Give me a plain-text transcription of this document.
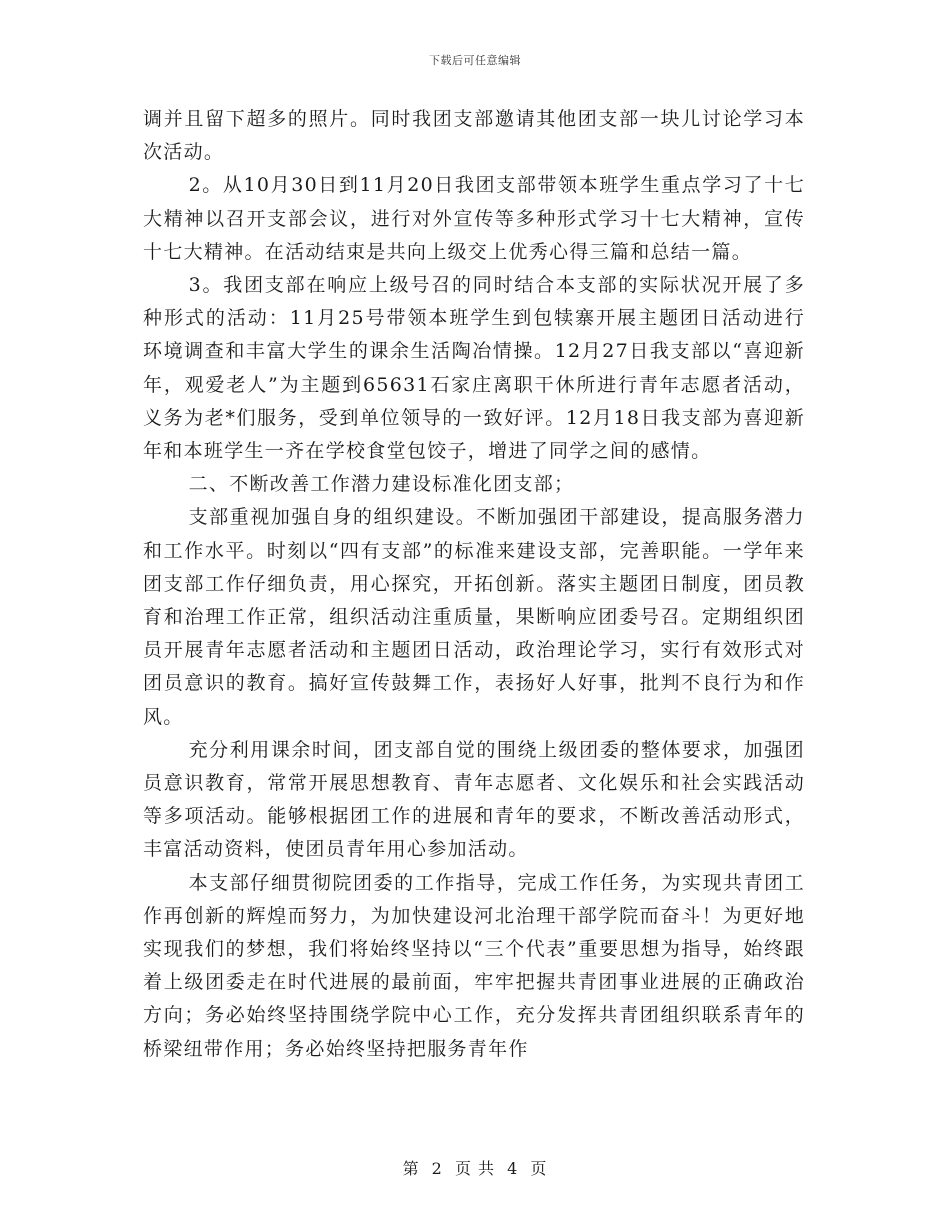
下载后可任意编辑

调并且留下超多的照片。同时我团支部邀请其他团支部一块儿讨论学习本次活动。

2。从10月30日到11月20日我团支部带领本班学生重点学习了十七大精神以召开支部会议，进行对外宣传等多种形式学习十七大精神，宣传十七大精神。在活动结束是共向上级交上优秀心得三篇和总结一篇。

3。我团支部在响应上级号召的同时结合本支部的实际状况开展了多种形式的活动：11月25号带领本班学生到包犊寨开展主题团日活动进行环境调查和丰富大学生的课余生活陶冶情操。12月27日我支部以“喜迎新年，观爱老人”为主题到65631石家庄离职干休所进行青年志愿者活动，义务为老*们服务，受到单位领导的一致好评。12月18日我支部为喜迎新年和本班学生一齐在学校食堂包饺子，增进了同学之间的感情。

二、不断改善工作潜力建设标准化团支部；

支部重视加强自身的组织建设。不断加强团干部建设，提高服务潜力和工作水平。时刻以“四有支部”的标准来建设支部，完善职能。一学年来团支部工作仔细负责，用心探究，开拓创新。落实主题团日制度，团员教育和治理工作正常，组织活动注重质量，果断响应团委号召。定期组织团员开展青年志愿者活动和主题团日活动，政治理论学习，实行有效形式对团员意识的教育。搞好宣传鼓舞工作，表扬好人好事，批判不良行为和作风。

充分利用课余时间，团支部自觉的围绕上级团委的整体要求，加强团员意识教育，常常开展思想教育、青年志愿者、文化娱乐和社会实践活动等多项活动。能够根据团工作的进展和青年的要求，不断改善活动形式，丰富活动资料，使团员青年用心参加活动。

本支部仔细贯彻院团委的工作指导，完成工作任务，为实现共青团工作再创新的辉煌而努力，为加快建设河北治理干部学院而奋斗！为更好地实现我们的梦想，我们将始终坚持以“三个代表”重要思想为指导，始终跟着上级团委走在时代进展的最前面，牢牢把握共青团事业进展的正确政治方向；务必始终坚持围绕学院中心工作，充分发挥共青团组织联系青年的桥梁纽带作用；务必始终坚持把服务青年作

第 2 页 共 4 页
